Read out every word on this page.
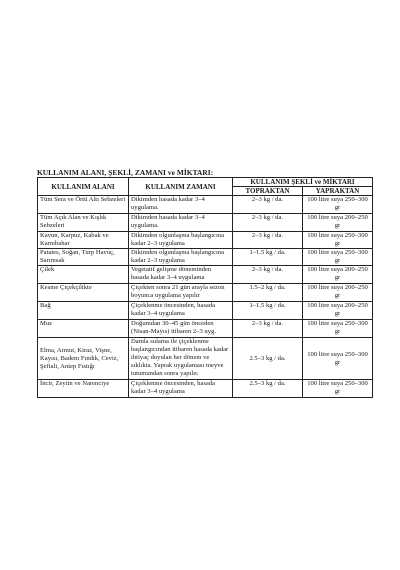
KULLANIM ALANI, ŞEKLİ, ZAMANI ve MİKTARI:
KULLANIM ALANI	KULLANIM ZAMANI	KULLANIM ŞEKLİ ve MİKTARI	
		TOPRAKTAN	YAPRAKTAN
Tüm Sera ve Örtü Altı Sebzeleri	Dikimden hasada kadar 3–4 uygulama.	2–3 kg / da.	100 litre suya 250–300 gr
Tüm Açık Alan ve Kışlık Sebzeleri	Dikimden hasada kadar 3–4 uygulama.	2–3 kg / da.	100 litre suya 200–250 gr
Kavun, Karpuz, Kabak ve Karnıbahar	Dikimden olgunlaşma başlangıcına kadar 2–3 uygulama	2–3 kg / da.	100 litre suya 250–300 gr
Patates, Soğan, Turp Havuç, Sarımsak	Dikimden olgunlaşma başlangıcına kadar 2–3 uygulama	1–1.5 kg / da.	100 litre suya 250–300 gr
Çilek	Vegetatif gelişme döneminden hasada kadar 3–4 uygulama	2–3 kg / da.	100 litre suya 200–250 gr
Kesme Çiçekçilikte	Çiçekten sonra 21 gün arayla sezon boyunca uygulama yapılır	1.5–2 kg / da.	100 litre suya 200–250 gr
Bağ	Çiçeklenme öncesinden, hasada kadar 3–4 uygulama	1–1.5 kg / da.	100 litre suya 200–250 gr
Muz	Doğumdan 30–45 gün önceden (Nisan-Mayıs) itibaren 2–3 uyg.	2–3 kg / da.	100 litre suya 250–300 gr
Elma, Armut, Kiraz, Vişne, Kayısı, Badem Fındık, Ceviz, Şeftali, Antep Fıstığı	Damla sulama ile çiçeklenme başlangıcından itibaren hasada kadar ihtiyaç duyulan her dönem ve sıklıkta. Yaprak uygulaması meyve tutumundan sonra yapılır.	2.5–3 kg / da.	100 litre suya 250–300 gr
İncir, Zeytin ve Narenciye	Çiçeklenme öncesinden, hasada kadar 3–4 uygulama	2.5–3 kg / da.	100 litre suya 250–300 gr
